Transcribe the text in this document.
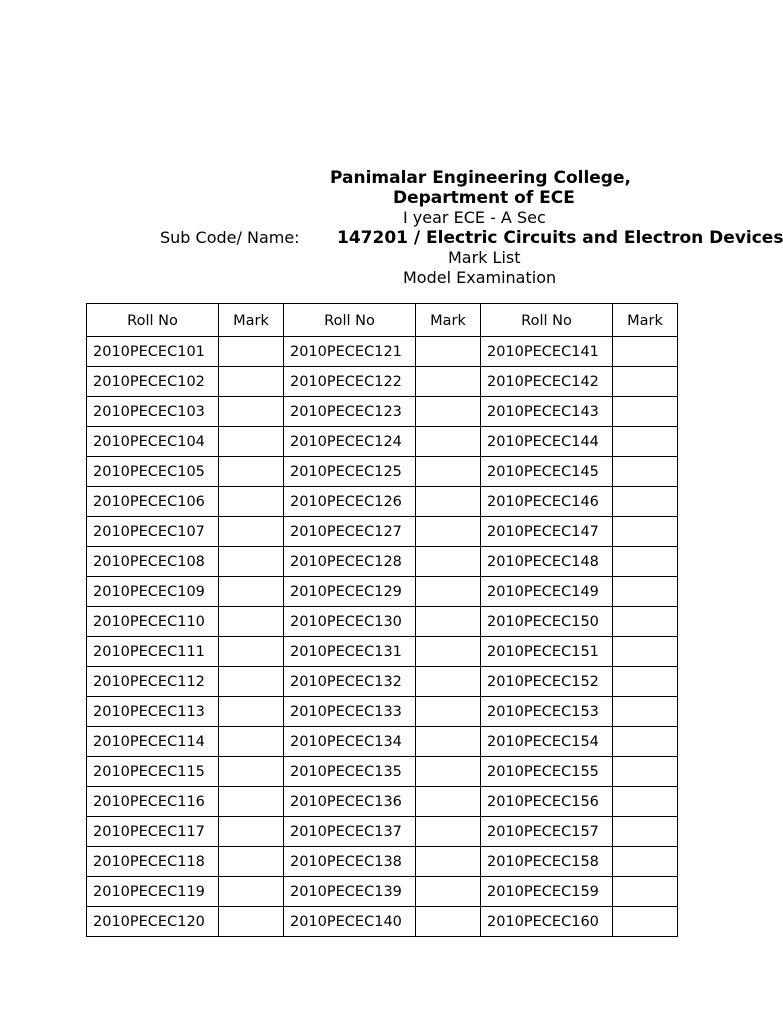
Panimalar Engineering College,
Department of ECE
I year ECE - A Sec
Sub Code/ Name: 147201 / Electric Circuits and Electron Devices
Mark List
Model Examination
Roll No	Mark	Roll No	Mark	Roll No	Mark
2010PECEC101		2010PECEC121		2010PECEC141	
2010PECEC102		2010PECEC122		2010PECEC142	
2010PECEC103		2010PECEC123		2010PECEC143	
2010PECEC104		2010PECEC124		2010PECEC144	
2010PECEC105		2010PECEC125		2010PECEC145	
2010PECEC106		2010PECEC126		2010PECEC146	
2010PECEC107		2010PECEC127		2010PECEC147	
2010PECEC108		2010PECEC128		2010PECEC148	
2010PECEC109		2010PECEC129		2010PECEC149	
2010PECEC110		2010PECEC130		2010PECEC150	
2010PECEC111		2010PECEC131		2010PECEC151	
2010PECEC112		2010PECEC132		2010PECEC152	
2010PECEC113		2010PECEC133		2010PECEC153	
2010PECEC114		2010PECEC134		2010PECEC154	
2010PECEC115		2010PECEC135		2010PECEC155	
2010PECEC116		2010PECEC136		2010PECEC156	
2010PECEC117		2010PECEC137		2010PECEC157	
2010PECEC118		2010PECEC138		2010PECEC158	
2010PECEC119		2010PECEC139		2010PECEC159	
2010PECEC120		2010PECEC140		2010PECEC160	
